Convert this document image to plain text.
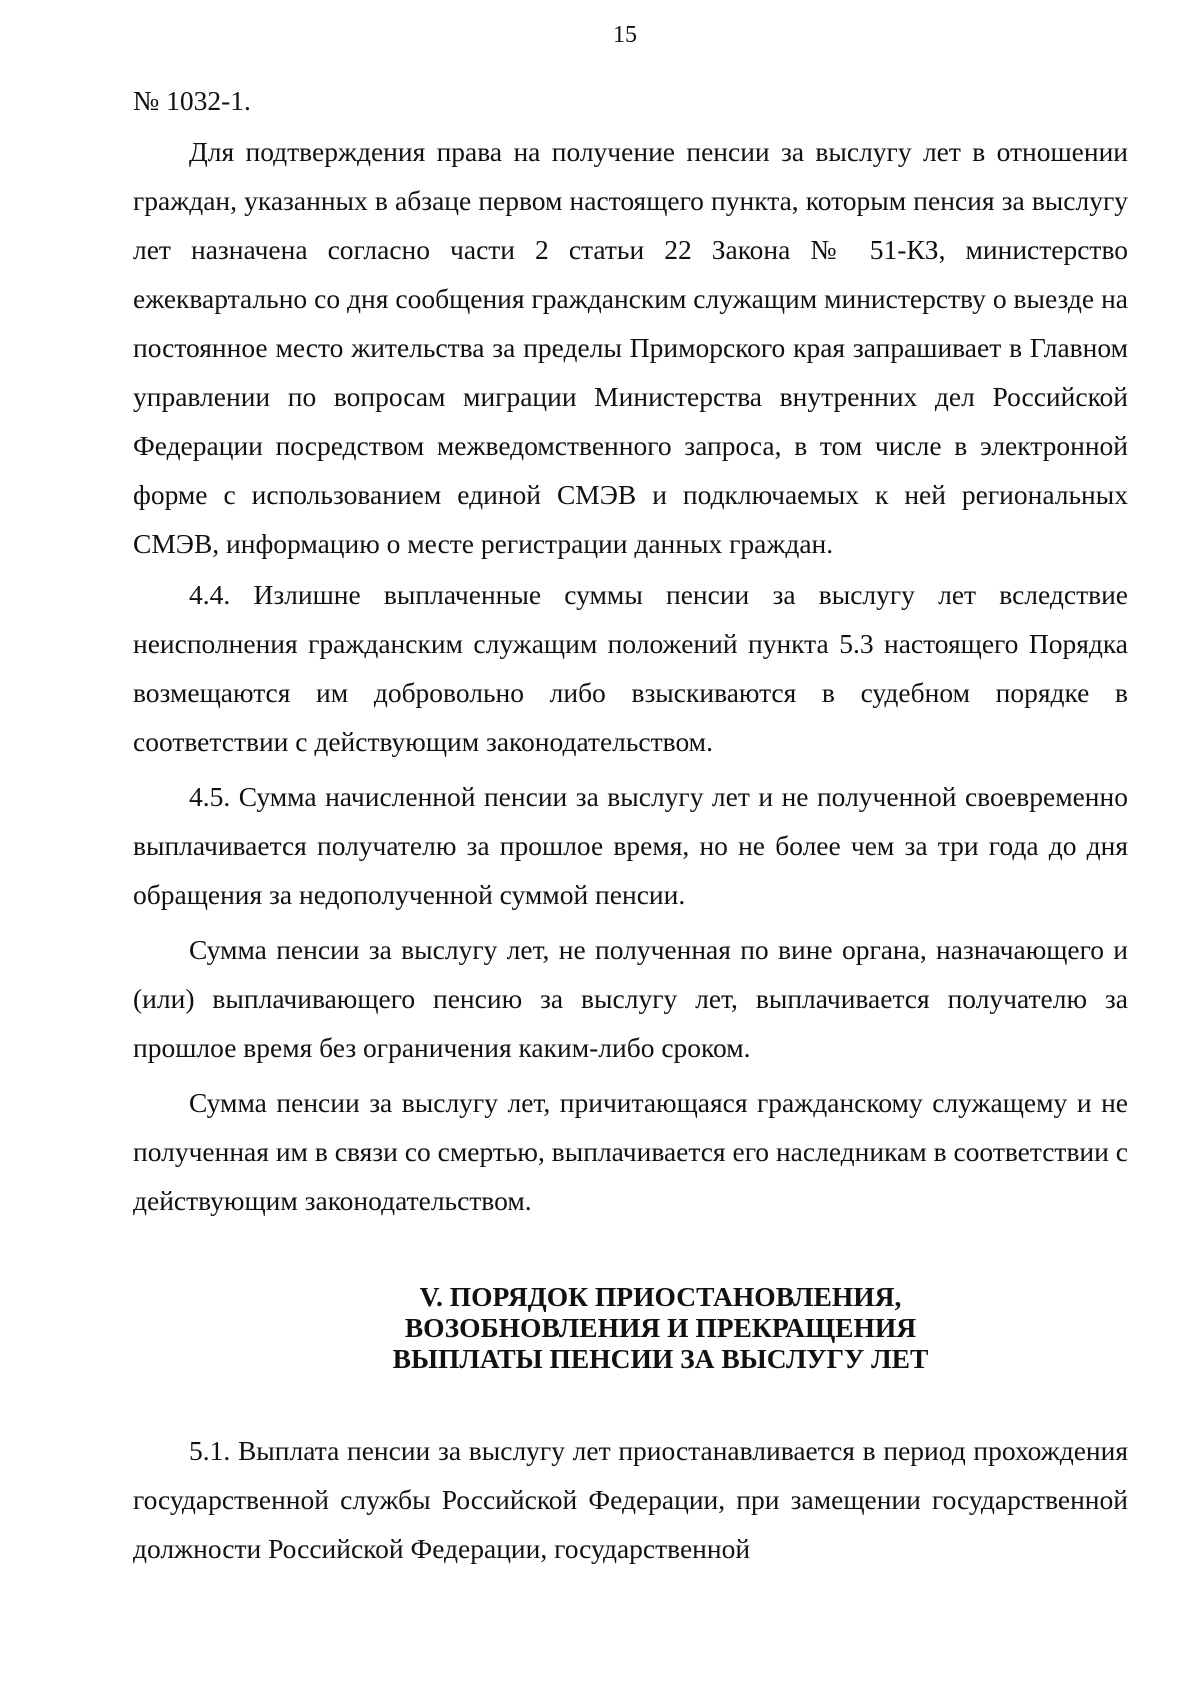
15

№ 1032-1.

Для подтверждения права на получение пенсии за выслугу лет в отношении граждан, указанных в абзаце первом настоящего пункта, которым пенсия за выслугу лет назначена согласно части 2 статьи 22 Закона № 51-КЗ, министерство ежеквартально со дня сообщения гражданским служащим министерству о выезде на постоянное место жительства за пределы Приморского края запрашивает в Главном управлении по вопросам миграции Министерства внутренних дел Российской Федерации посредством межведомственного запроса, в том числе в электронной форме с использованием единой СМЭВ и подключаемых к ней региональных СМЭВ, информацию о месте регистрации данных граждан.

4.4. Излишне выплаченные суммы пенсии за выслугу лет вследствие неисполнения гражданским служащим положений пункта 5.3 настоящего Порядка возмещаются им добровольно либо взыскиваются в судебном порядке в соответствии с действующим законодательством.

4.5. Сумма начисленной пенсии за выслугу лет и не полученной своевременно выплачивается получателю за прошлое время, но не более чем за три года до дня обращения за недополученной суммой пенсии.

Сумма пенсии за выслугу лет, не полученная по вине органа, назначающего и (или) выплачивающего пенсию за выслугу лет, выплачивается получателю за прошлое время без ограничения каким-либо сроком.

Сумма пенсии за выслугу лет, причитающаяся гражданскому служащему и не полученная им в связи со смертью, выплачивается его наследникам в соответствии с действующим законодательством.

V. ПОРЯДОК ПРИОСТАНОВЛЕНИЯ,
ВОЗОБНОВЛЕНИЯ И ПРЕКРАЩЕНИЯ
ВЫПЛАТЫ ПЕНСИИ ЗА ВЫСЛУГУ ЛЕТ

5.1. Выплата пенсии за выслугу лет приостанавливается в период прохождения государственной службы Российской Федерации, при замещении государственной должности Российской Федерации, государственной
